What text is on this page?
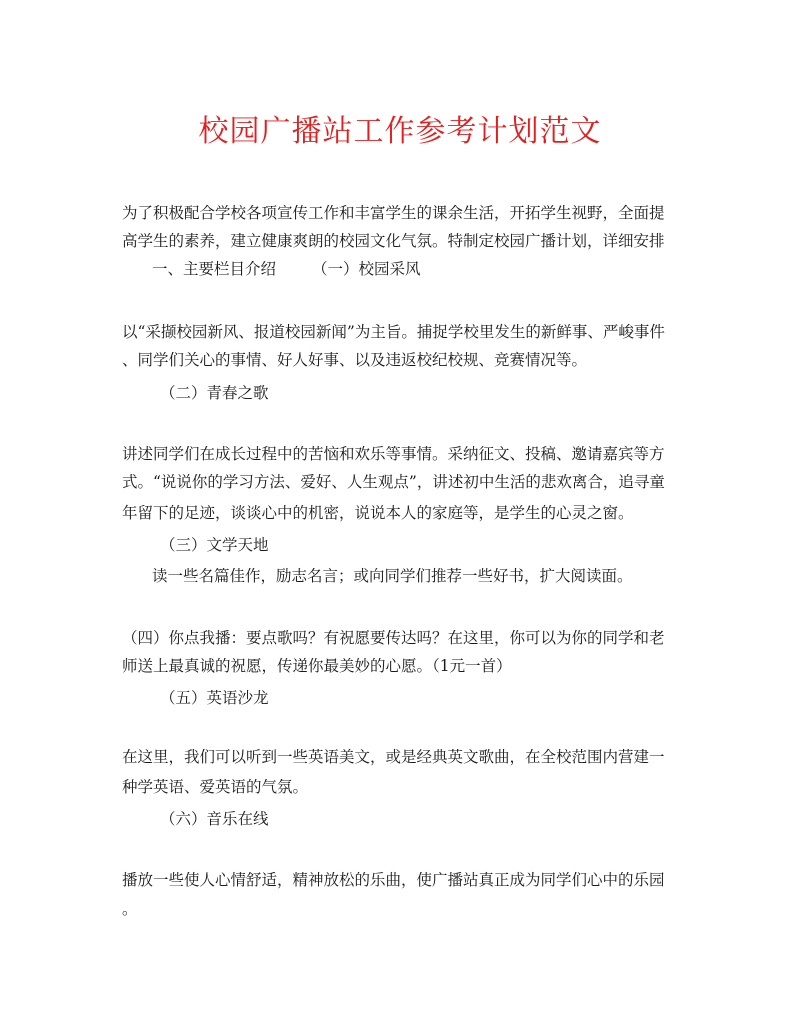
校园广播站工作参考计划范文
为了积极配合学校各项宣传工作和丰富学生的课余生活，开拓学生视野，全面提
高学生的素养，建立健康爽朗的校园文化气氛。特制定校园广播计划，详细安排
一、主要栏目介绍 （一）校园采风
以“采撷校园新风、报道校园新闻”为主旨。捕捉学校里发生的新鲜事、严峻事件
、同学们关心的事情、好人好事、以及违返校纪校规、竞赛情况等。
（二）青春之歌
讲述同学们在成长过程中的苦恼和欢乐等事情。采纳征文、投稿、邀请嘉宾等方
式。“说说你的学习方法、爱好、人生观点”，讲述初中生活的悲欢离合，追寻童
年留下的足迹，谈谈心中的机密，说说本人的家庭等，是学生的心灵之窗。
（三）文学天地
读一些名篇佳作，励志名言；或向同学们推荐一些好书，扩大阅读面。
（四）你点我播：要点歌吗？有祝愿要传达吗？在这里，你可以为你的同学和老
师送上最真诚的祝愿，传递你最美妙的心愿。（1元一首）
（五）英语沙龙
在这里，我们可以听到一些英语美文，或是经典英文歌曲，在全校范围内营建一
种学英语、爱英语的气氛。
（六）音乐在线
播放一些使人心情舒适，精神放松的乐曲，使广播站真正成为同学们心中的乐园
。
